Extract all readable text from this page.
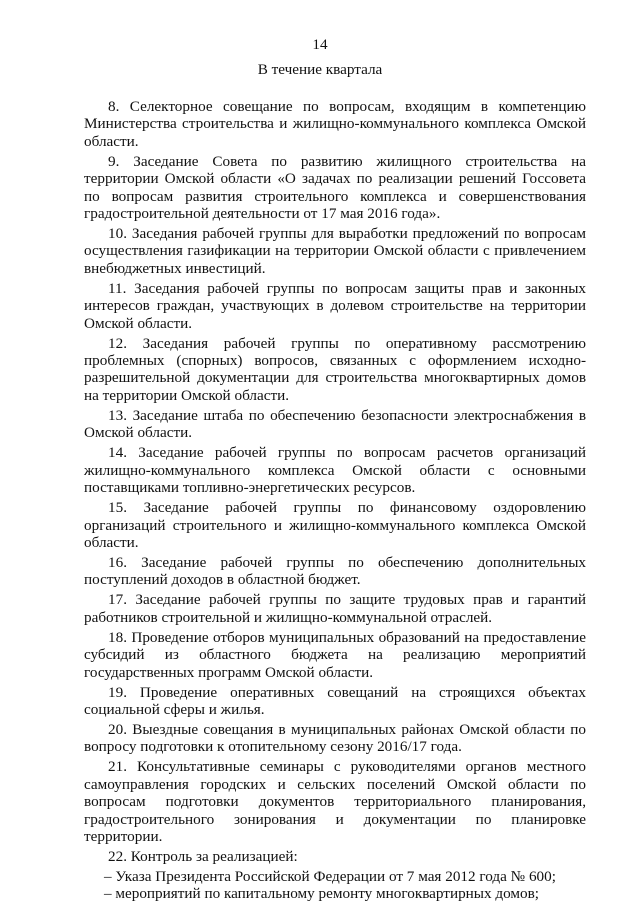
14
В течение квартала

8. Селекторное совещание по вопросам, входящим в компетенцию Министерства строительства и жилищно-коммунального комплекса Омской области.

9. Заседание Совета по развитию жилищного строительства на территории Омской области «О задачах по реализации решений Госсовета по вопросам развития строительного комплекса и совершенствования градостроительной деятельности от 17 мая 2016 года».

10. Заседания рабочей группы для выработки предложений по вопросам осуществления газификации на территории Омской области с привлечением внебюджетных инвестиций.

11. Заседания рабочей группы по вопросам защиты прав и законных интересов граждан, участвующих в долевом строительстве на территории Омской области.

12. Заседания рабочей группы по оперативному рассмотрению проблемных (спорных) вопросов, связанных с оформлением исходно-разрешительной документации для строительства многоквартирных домов на территории Омской области.

13. Заседание штаба по обеспечению безопасности электроснабжения в Омской области.

14. Заседание рабочей группы по вопросам расчетов организаций жилищно-коммунального комплекса Омской области с основными поставщиками топливно-энергетических ресурсов.

15. Заседание рабочей группы по финансовому оздоровлению организаций строительного и жилищно-коммунального комплекса Омской области.

16. Заседание рабочей группы по обеспечению дополнительных поступлений доходов в областной бюджет.

17. Заседание рабочей группы по защите трудовых прав и гарантий работников строительной и жилищно-коммунальной отраслей.

18. Проведение отборов муниципальных образований на предоставление субсидий из областного бюджета на реализацию мероприятий государственных программ Омской области.

19. Проведение оперативных совещаний на строящихся объектах социальной сферы и жилья.

20. Выездные совещания в муниципальных районах Омской области по вопросу подготовки к отопительному сезону 2016/17 года.

21. Консультативные семинары с руководителями органов местного самоуправления городских и сельских поселений Омской области по вопросам подготовки документов территориального планирования, градостроительного зонирования и документации по планировке территории.

22. Контроль за реализацией:

– Указа Президента Российской Федерации от 7 мая 2012 года № 600;

– мероприятий по капитальному ремонту многоквартирных домов;
